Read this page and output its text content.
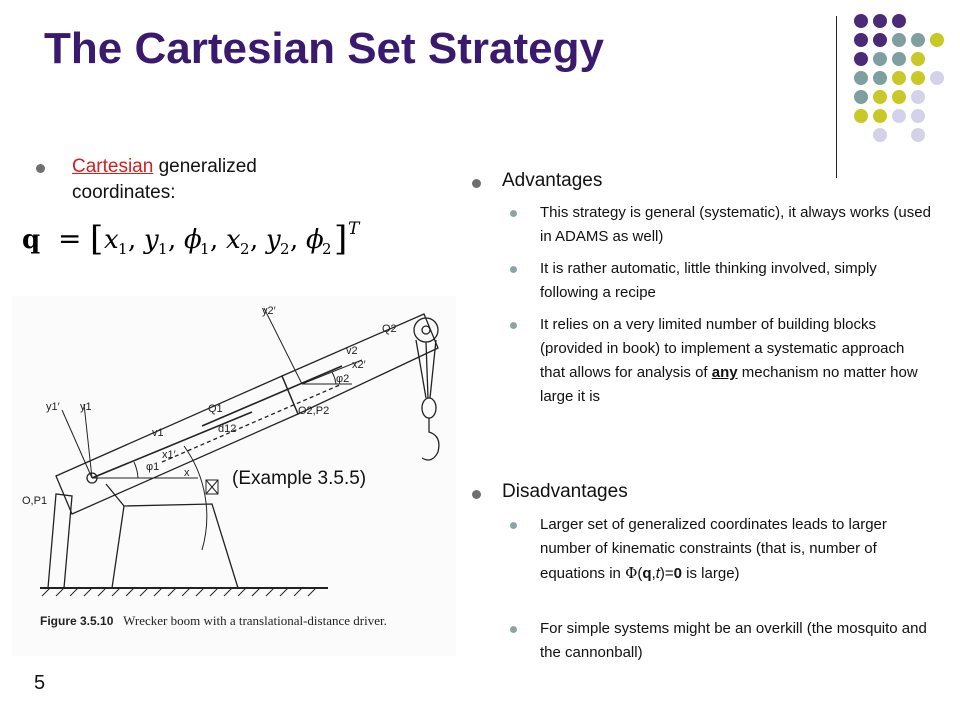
The Cartesian Set Strategy
Cartesian generalized coordinates:
q = [ x 1 , y 1 , ϕ
1 , x 2 , y 2 , ϕ
2 ] T
y2′
Q2
v2
x2′
φ2
O2,P2
y1′ y1	Q1
v1	d12
φ1
x1′
x
O,P1
Figure 3.5.10 Wrecker boom with a translational-distance driver.
(Example 3.5.5)
Advantages
This strategy is general (systematic), it always works (used in ADAMS as well)
It is rather automatic, little thinking involved, simply following a recipe
It relies on a very limited number of building blocks (provided in book) to implement a systematic approach that allows for analysis of any mechanism no matter how large it is
Disadvantages
Larger set of generalized coordinates leads to larger number of kinematic constraints (that is, number of equations in Φ(q,t)=0 is large)
For simple systems might be an overkill (the mosquito and the cannonball)
5
